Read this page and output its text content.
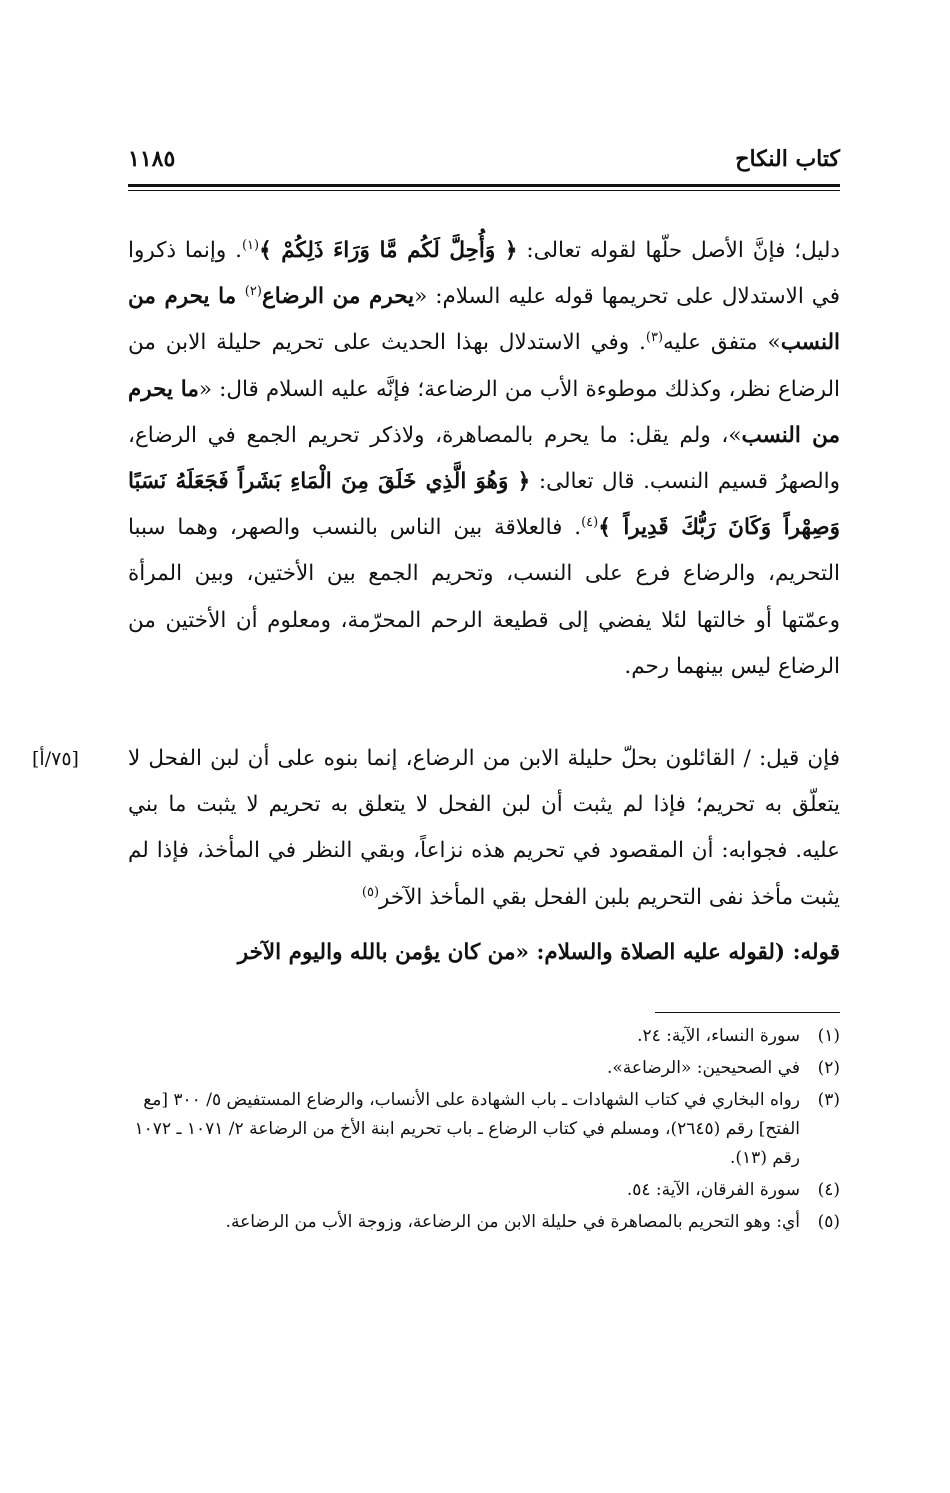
كتاب النكاح
١١٨٥

دليل؛ فإنَّ الأصل حلّها لقوله تعالى: ﴿ وَأُحِلَّ لَكُم مَّا وَرَاءَ ذَلِكُمْ ﴾$^{(١)}$. وإنما ذكروا في الاستدلال على تحريمها قوله عليه السلام: «يحرم من الرضاع$^{(٢)}$ ما يحرم من النسب» متفق عليه$^{(٣)}$. وفي الاستدلال بهذا الحديث على تحريم حليلة الابن من الرضاع نظر، وكذلك موطوءة الأب من الرضاعة؛ فإنَّه عليه السلام قال: «ما يحرم من النسب»، ولم يقل: ما يحرم بالمصاهرة، ولاذكر تحريم الجمع في الرضاع، والصهرُ قسيم النسب. قال تعالى: ﴿ وَهُوَ الَّذِي خَلَقَ مِنَ الْمَاءِ بَشَراً فَجَعَلَهُ نَسَبًا وَصِهْراً وَكَانَ رَبُّكَ قَدِيراً ﴾$^{(٤)}$. فالعلاقة بين الناس بالنسب والصهر، وهما سببا التحريم، والرضاع فرع على النسب، وتحريم الجمع بين الأختين، وبين المرأة وعمّتها أو خالتها لئلا يفضي إلى قطيعة الرحم المحرّمة، ومعلوم أن الأختين من الرضاع ليس بينهما رحم.

[٧٥/أ] فإن قيل: / القائلون بحلّ حليلة الابن من الرضاع، إنما بنوه على أن لبن الفحل لا يتعلّق به تحريم؛ فإذا لم يثبت أن لبن الفحل لا يتعلق به تحريم لا يثبت ما بني عليه. فجوابه: أن المقصود في تحريم هذه نزاعاً، وبقي النظر في المأخذ، فإذا لم يثبت مأخذ نفى التحريم بلبن الفحل بقي المأخذ الآخر$^{(٥)}$

قوله: (لقوله عليه الصلاة والسلام: «من كان يؤمن بالله واليوم الآخر

(١)
سورة النساء، الآية: ٢٤.
(٢)
في الصحيحين: «الرضاعة».
(٣)
رواه البخاري في كتاب الشهادات ـ باب الشهادة على الأنساب، والرضاع المستفيض ٥/ ٣٠٠ [مع الفتح] رقم (٢٦٤٥)، ومسلم في كتاب الرضاع ـ باب تحريم ابنة الأخ من الرضاعة ٢/ ١٠٧١ ـ ١٠٧٢ رقم (١٣).
(٤)
سورة الفرقان، الآية: ٥٤.
(٥)
أي: وهو التحريم بالمصاهرة في حليلة الابن من الرضاعة، وزوجة الأب من الرضاعة.
